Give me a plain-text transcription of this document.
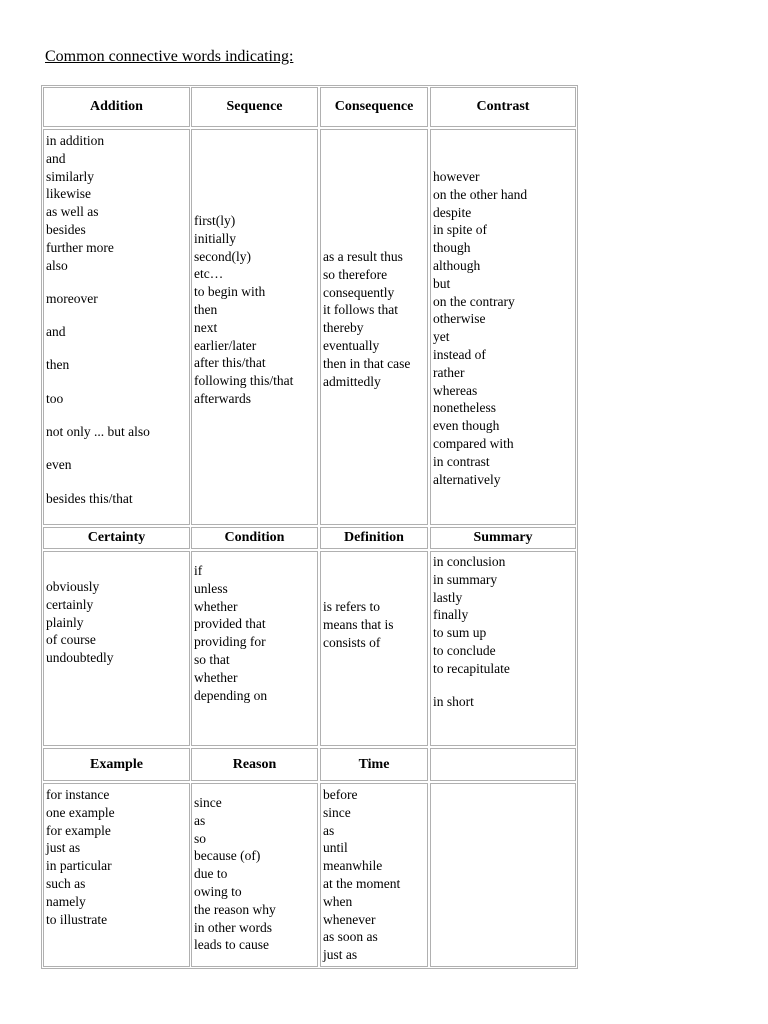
Common connective words indicating:
Addition
in addition
and
similarly
likewise
as well as
besides
further more
also
moreover
and
then
too
not only ... but also
even
besides this/that
Sequence
first(ly)
initially
second(ly)
etc…
to begin with
then
next
earlier/later
after this/that
following this/that
afterwards
Consequence
as a result thus
so therefore
consequently
it follows that
thereby
eventually
then in that case
admittedly
Contrast
however
on the other hand
despite
in spite of
though
although
but
on the contrary
otherwise
yet
instead of
rather
whereas
nonetheless
even though
compared with
in contrast
alternatively
Certainty
obviously
certainly
plainly
of course
undoubtedly
Condition
if
unless
whether
provided that
providing for
so that
whether
depending on
Definition
is refers to
means that is
consists of
Summary
in conclusion
in summary
lastly
finally
to sum up
to conclude
to recapitulate
in short
Example
for instance
one example
for example
just as
in particular
such as
namely
to illustrate
Reason
since
as
so
because (of)
due to
owing to
the reason why
in other words
leads to cause
Time
before
since
as
until
meanwhile
at the moment
when
whenever
as soon as
just as
